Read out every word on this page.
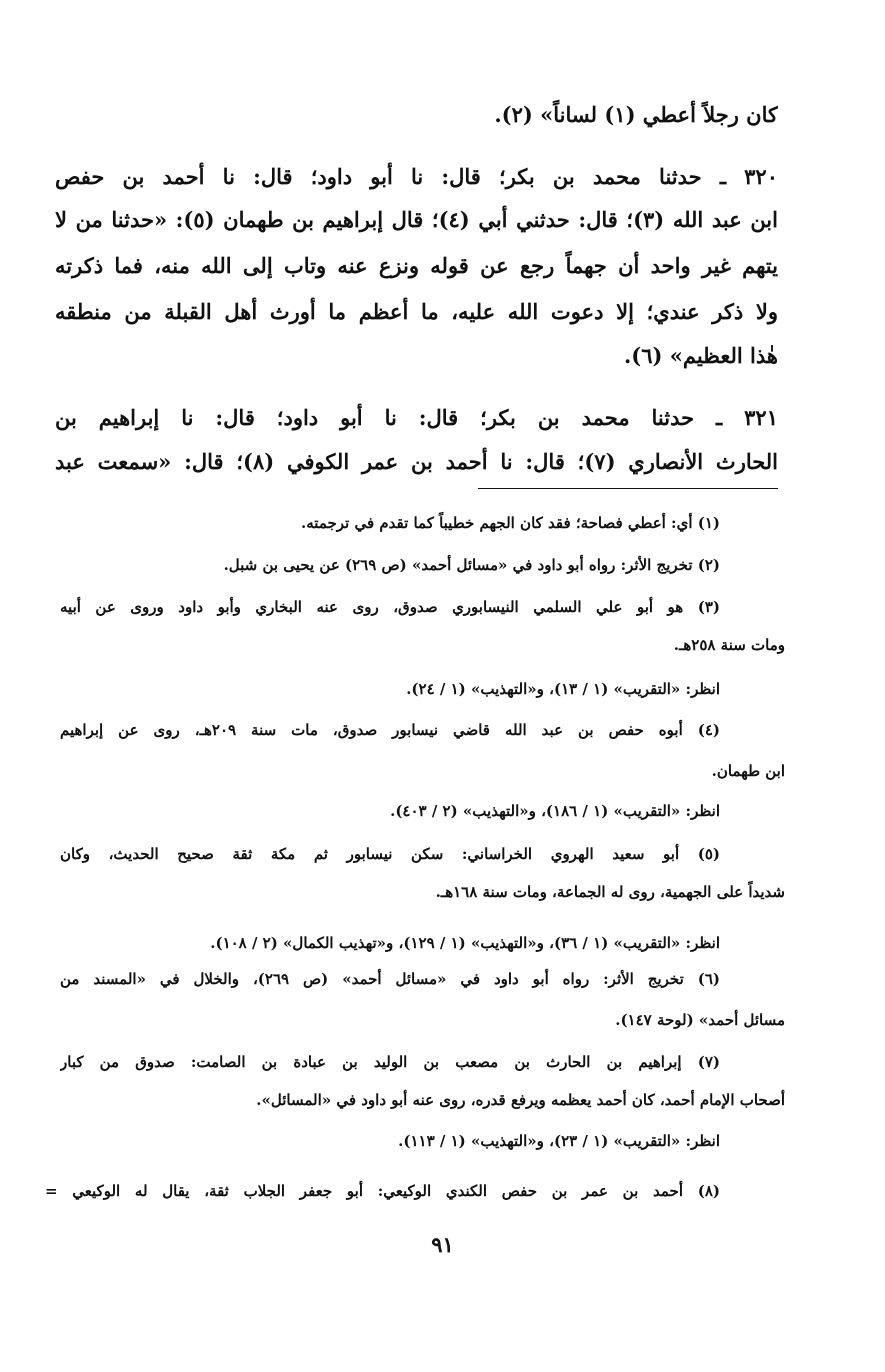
كان رجلاً أعطي (١) لساناً» (٢).
٣٢٠ ـ حدثنا محمد بن بكر؛ قال: نا أبو داود؛ قال: نا أحمد بن حفص
ابن عبد الله (٣)؛ قال: حدثني أبي (٤)؛ قال إبراهيم بن طهمان (٥): «حدثنا من لا
يتهم غير واحد أن جهماً رجع عن قوله ونزع عنه وتاب إلى الله منه، فما ذكرته
ولا ذكر عندي؛ إلا دعوت الله عليه، ما أعظم ما أورث أهل القبلة من منطقه
هٰذا العظيم» (٦).
٣٢١ ـ حدثنا محمد بن بكر؛ قال: نا أبو داود؛ قال: نا إبراهيم بن
الحارث الأنصاري (٧)؛ قال: نا أحمد بن عمر الكوفي (٨)؛ قال: «سمعت عبد
(١) أي: أعطي فصاحة؛ فقد كان الجهم خطيباً كما تقدم في ترجمته.
(٢) تخريج الأثر: رواه أبو داود في «مسائل أحمد» (ص ٢٦٩) عن يحيى بن شبل.
(٣) هو أبو علي السلمي النيسابوري صدوق، روى عنه البخاري وأبو داود وروى عن أبيه
ومات سنة ٢٥٨هـ.
انظر: «التقريب» (١ / ١٣)، و«التهذيب» (١ / ٢٤).
(٤) أبوه حفص بن عبد الله قاضي نيسابور صدوق، مات سنة ٢٠٩هـ، روى عن إبراهيم
ابن طهمان.
انظر: «التقريب» (١ / ١٨٦)، و«التهذيب» (٢ / ٤٠٣).
(٥) أبو سعيد الهروي الخراساني: سكن نيسابور ثم مكة ثقة صحيح الحديث، وكان
شديداً على الجهمية، روى له الجماعة، ومات سنة ١٦٨هـ.
انظر: «التقريب» (١ / ٣٦)، و«التهذيب» (١ / ١٢٩)، و«تهذيب الكمال» (٢ / ١٠٨).
(٦) تخريج الأثر: رواه أبو داود في «مسائل أحمد» (ص ٢٦٩)، والخلال في «المسند من
مسائل أحمد» (لوحة ١٤٧).
(٧) إبراهيم بن الحارث بن مصعب بن الوليد بن عبادة بن الصامت: صدوق من كبار
أصحاب الإمام أحمد، كان أحمد يعظمه ويرفع قدره، روى عنه أبو داود في «المسائل».
انظر: «التقريب» (١ / ٢٣)، و«التهذيب» (١ / ١١٣).
(٨) أحمد بن عمر بن حفص الكندي الوكيعي: أبو جعفر الجلاب ثقة، يقال له الوكيعي =
٩١
